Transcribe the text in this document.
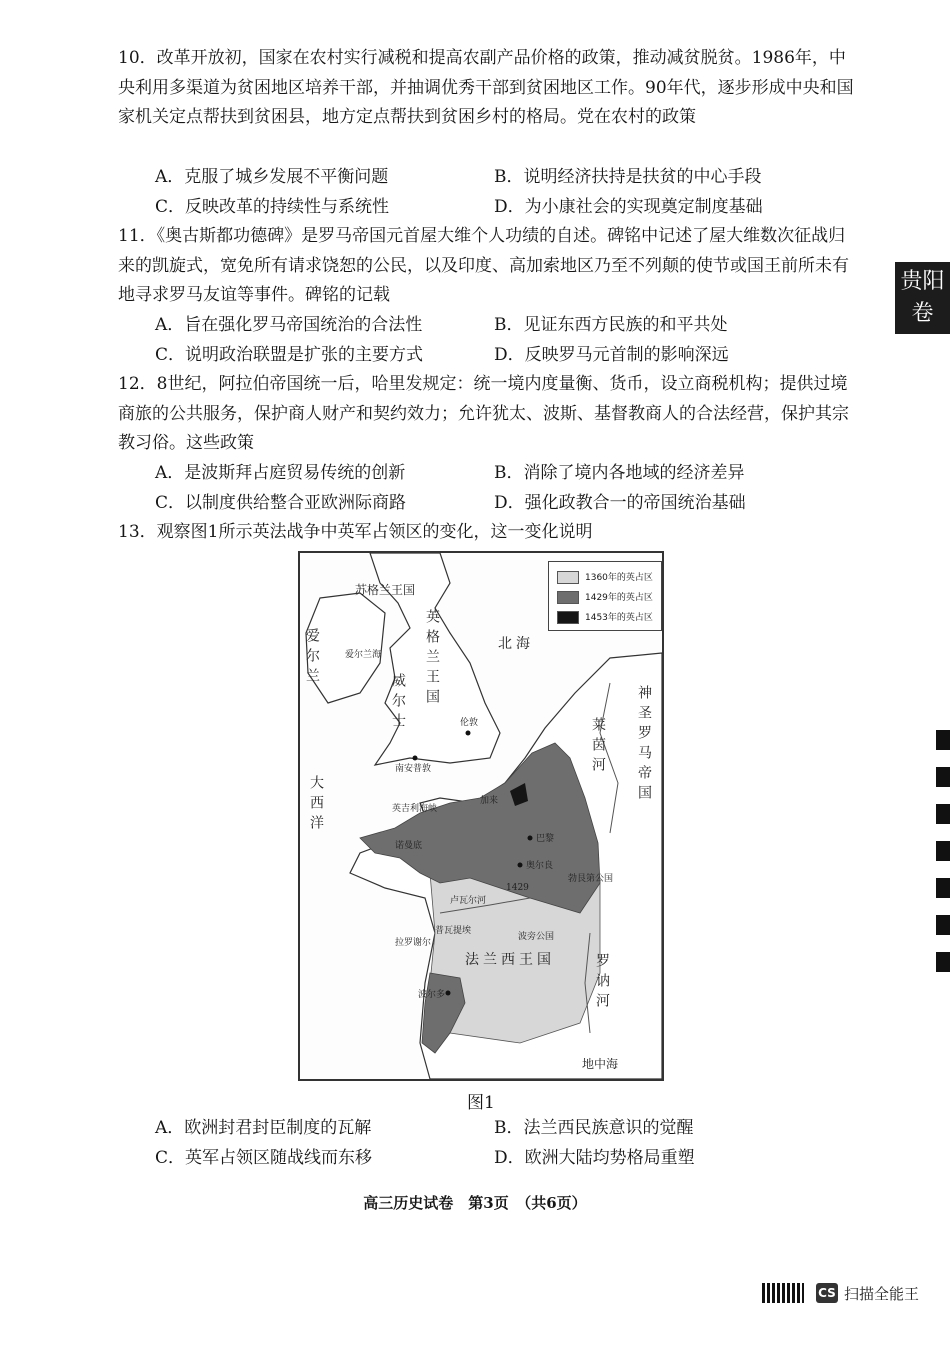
贵阳卷
10．改革开放初，国家在农村实行减税和提高农副产品价格的政策，推动减贫脱贫。1986年，中央利用多渠道为贫困地区培养干部，并抽调优秀干部到贫困地区工作。90年代，逐步形成中央和国家机关定点帮扶到贫困县，地方定点帮扶到贫困乡村的格局。党在农村的政策
A．克服了城乡发展不平衡问题	B．说明经济扶持是扶贫的中心手段
C．反映改革的持续性与系统性	D．为小康社会的实现奠定制度基础
11．《奥古斯都功德碑》是罗马帝国元首屋大维个人功绩的自述。碑铭中记述了屋大维数次征战归来的凯旋式，宽免所有请求饶恕的公民，以及印度、高加索地区乃至不列颠的使节或国王前所未有地寻求罗马友谊等事件。碑铭的记载
A．旨在强化罗马帝国统治的合法性	B．见证东西方民族的和平共处
C．说明政治联盟是扩张的主要方式	D．反映罗马元首制的影响深远
12．8世纪，阿拉伯帝国统一后，哈里发规定：统一境内度量衡、货币，设立商税机构；提供过境商旅的公共服务，保护商人财产和契约效力；允许犹太、波斯、基督教商人的合法经营，保护其宗教习俗。这些政策
A．是波斯拜占庭贸易传统的创新	B．消除了境内各地域的经济差异
C．以制度供给整合亚欧洲际商路	D．强化政教合一的帝国统治基础
13．观察图1所示英法战争中英军占领区的变化，这一变化说明
1360年的英占区
1429年的英占区
1453年的英占区
苏格兰王国
英格兰王国
爱尔兰	爱尔兰海
威尔士
北海
神圣罗马帝国
莱茵河
大西洋
伦敦
南安普敦
英吉利海峡
加来
诺曼底
巴黎
奥尔良
1429
卢瓦尔河
勃艮第公国
普瓦提埃
拉罗谢尔
波旁公国
法兰西王国	罗讷河
波尔多
地中海
图1
A．欧洲封君封臣制度的瓦解	B．法兰西民族意识的觉醒
C．英军占领区随战线而东移	D．欧洲大陆均势格局重塑
高三历史试卷　第3页　（共6页）
CS 扫描全能王
